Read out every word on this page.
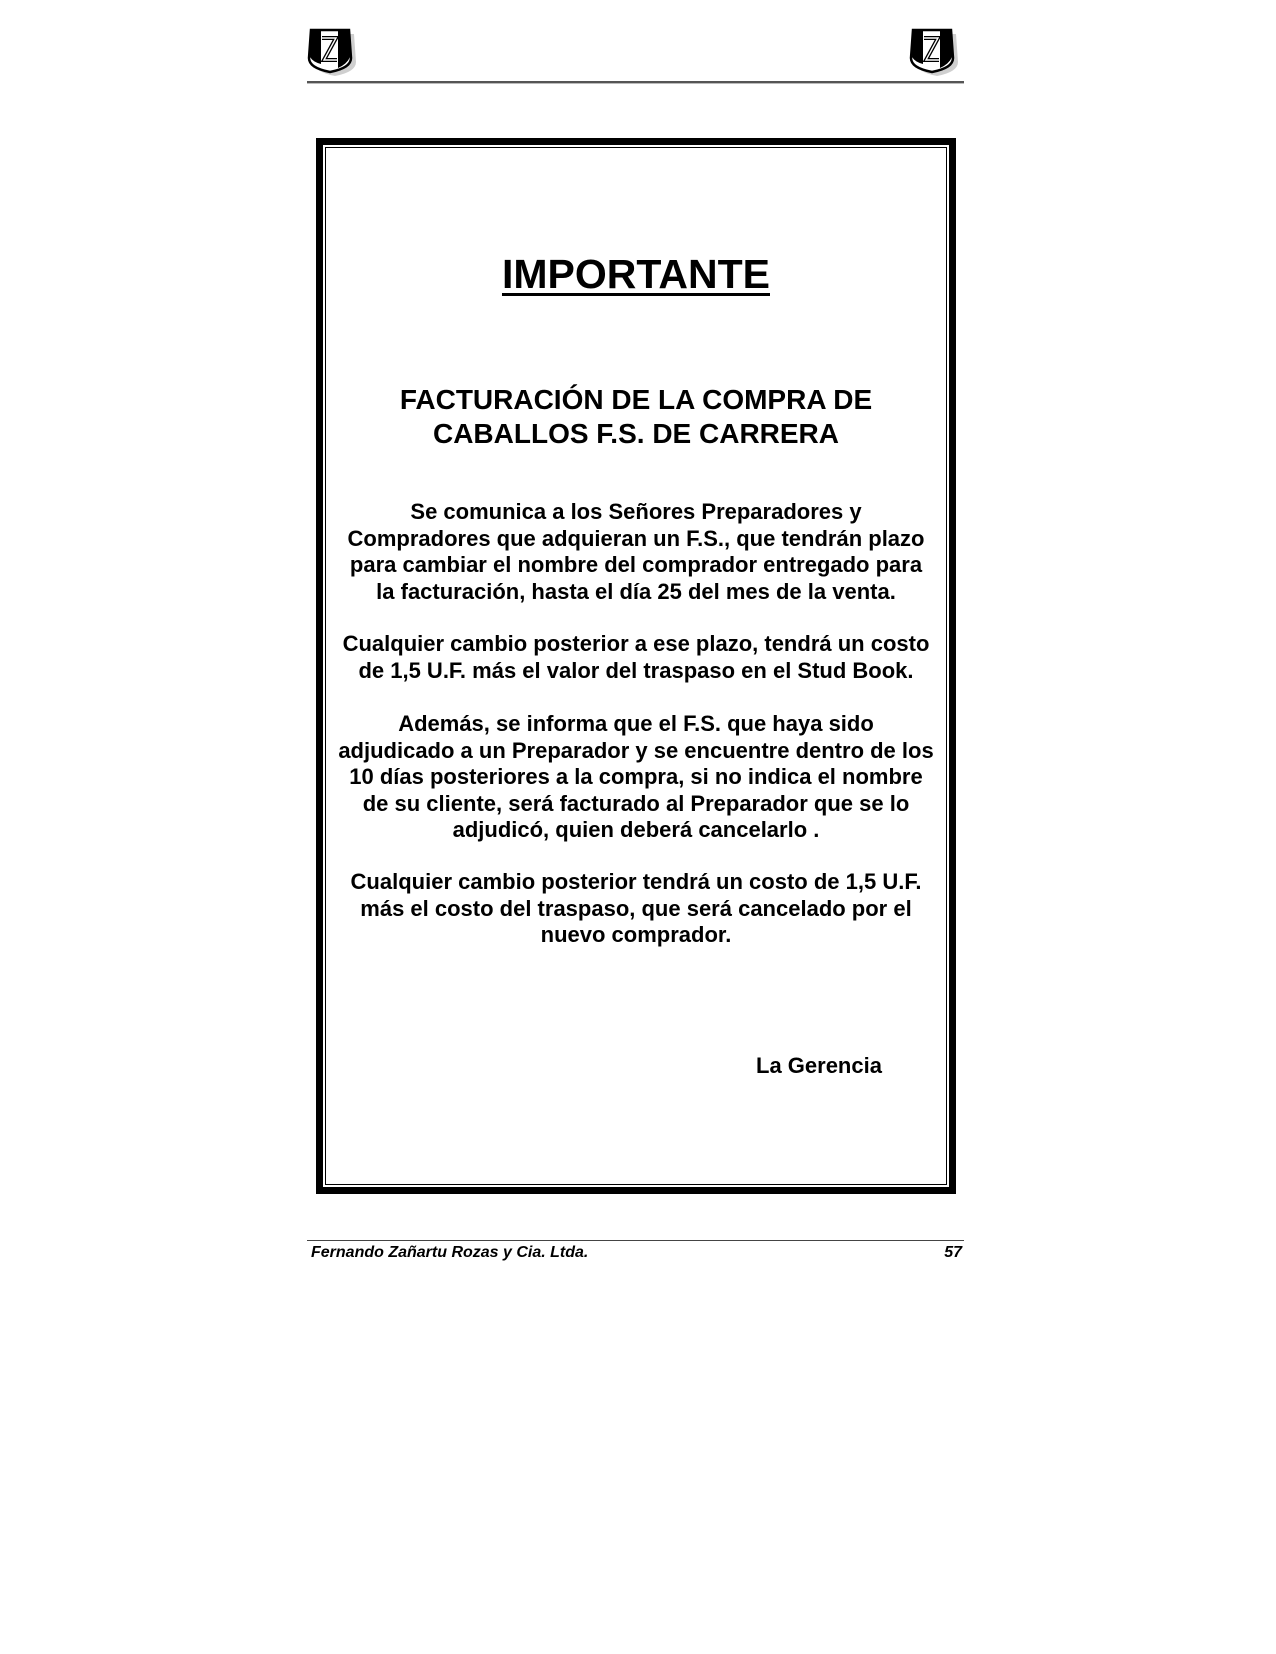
IMPORTANTE
FACTURACIÓN DE LA COMPRA DE
CABALLOS F.S. DE CARRERA

Se comunica a los Señores Preparadores y
Compradores que adquieran un F.S., que tendrán plazo
para cambiar el nombre del comprador entregado para
la facturación, hasta el día 25 del mes de la venta.

Cualquier cambio posterior a ese plazo, tendrá un costo
de 1,5 U.F. más el valor del traspaso en el Stud Book.

Además, se informa que el F.S. que haya sido
adjudicado a un Preparador y se encuentre dentro de los
10 días posteriores a la compra, si no indica el nombre
de su cliente, será facturado al Preparador que se lo
adjudicó, quien deberá cancelarlo .

Cualquier cambio posterior tendrá un costo de 1,5 U.F.
más el costo del traspaso, que será cancelado por el
nuevo comprador.

La Gerencia

Fernando Zañartu Rozas y Cia. Ltda.	57
